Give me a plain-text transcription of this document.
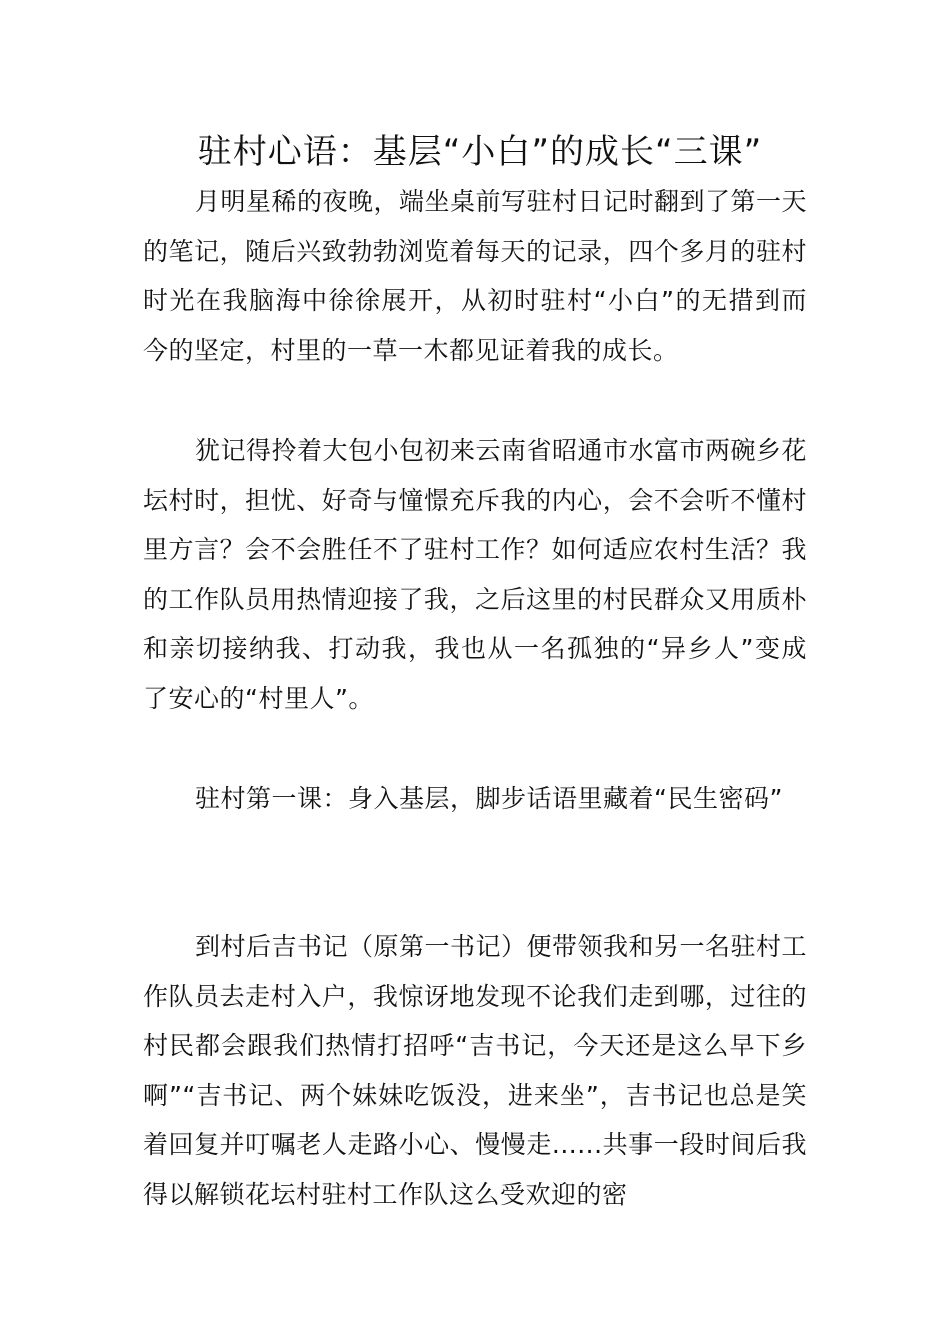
驻村心语：基层“小白”的成长“三课”

月明星稀的夜晚，端坐桌前写驻村日记时翻到了第一天的笔记，随后兴致勃勃浏览着每天的记录，四个多月的驻村时光在我脑海中徐徐展开，从初时驻村“小白”的无措到而今的坚定，村里的一草一木都见证着我的成长。

犹记得拎着大包小包初来云南省昭通市水富市两碗乡花坛村时，担忧、好奇与憧憬充斥我的内心，会不会听不懂村里方言？会不会胜任不了驻村工作？如何适应农村生活？我的工作队员用热情迎接了我，之后这里的村民群众又用质朴和亲切接纳我、打动我，我也从一名孤独的“异乡人”变成了安心的“村里人”。

驻村第一课：身入基层，脚步话语里藏着“民生密码”

到村后吉书记（原第一书记）便带领我和另一名驻村工作队员去走村入户，我惊讶地发现不论我们走到哪，过往的村民都会跟我们热情打招呼“吉书记，今天还是这么早下乡啊”“吉书记、两个妹妹吃饭没，进来坐”，吉书记也总是笑着回复并叮嘱老人走路小心、慢慢走......共事一段时间后我得以解锁花坛村驻村工作队这么受欢迎的密
